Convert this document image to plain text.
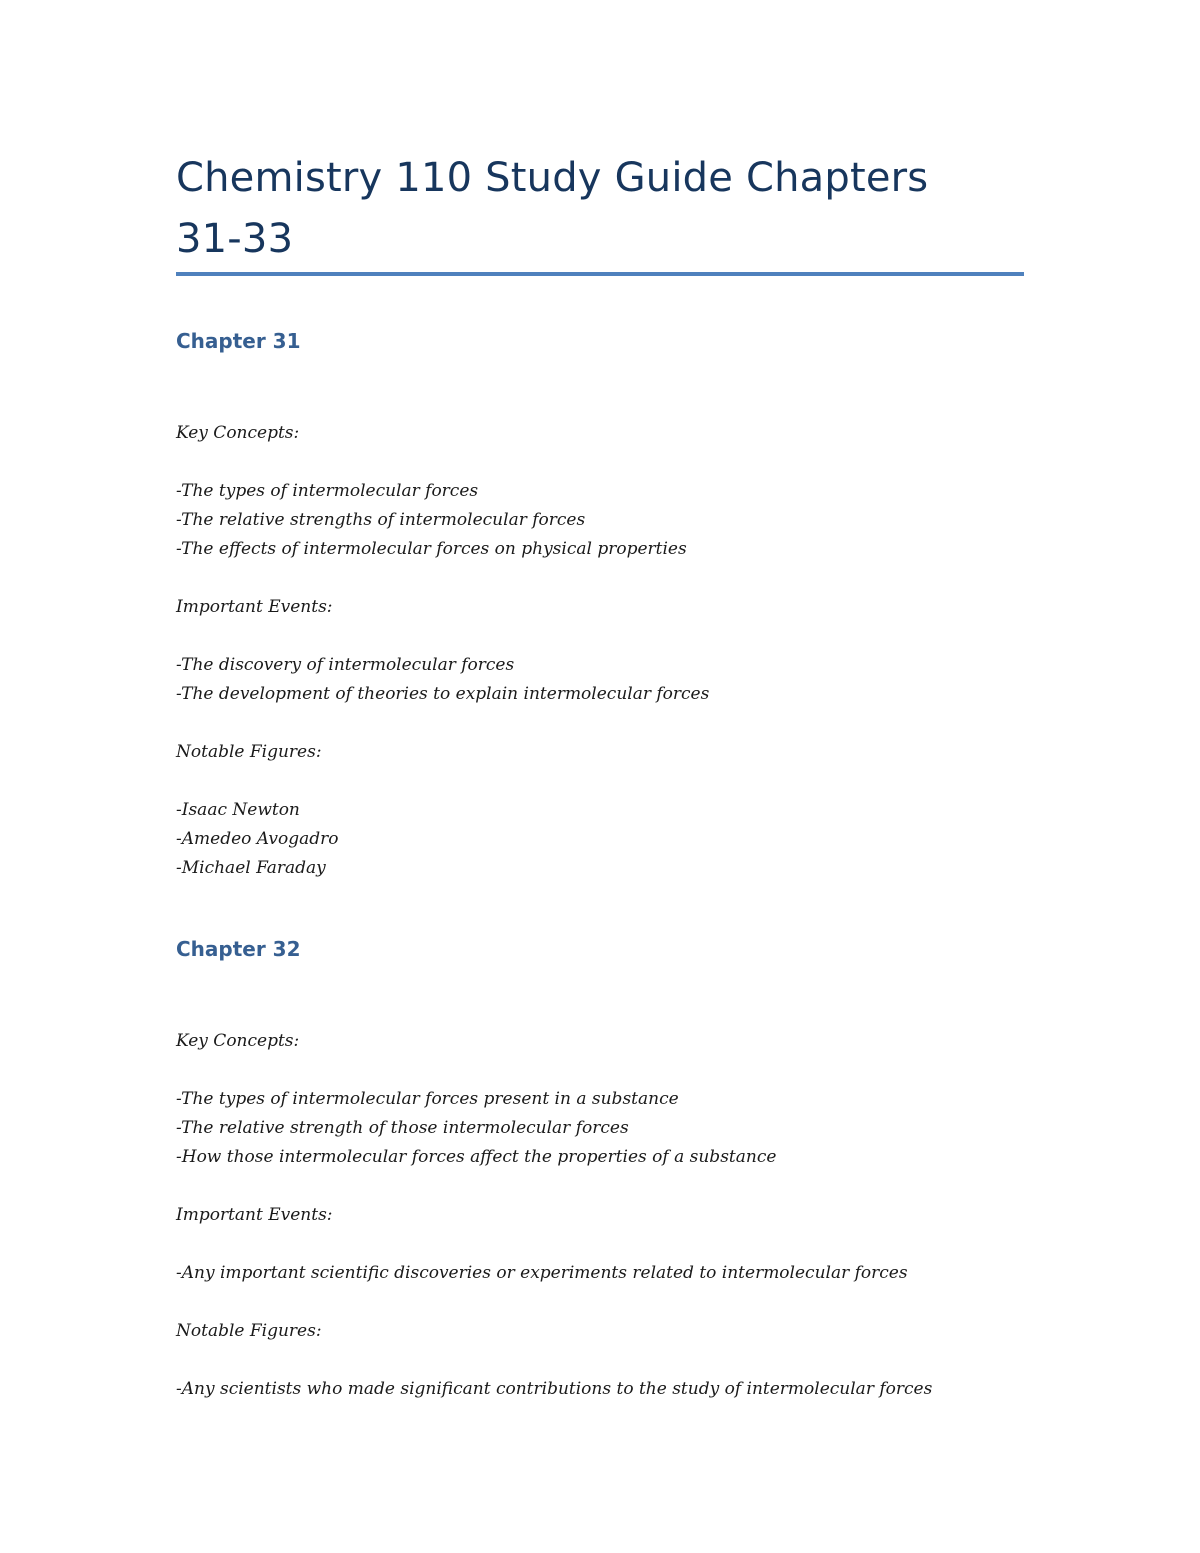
Chemistry 110 Study Guide Chapters
31-33
Chapter 31

Key Concepts:

-The types of intermolecular forces

-The relative strengths of intermolecular forces

-The effects of intermolecular forces on physical properties

Important Events:

-The discovery of intermolecular forces

-The development of theories to explain intermolecular forces

Notable Figures:

-Isaac Newton

-Amedeo Avogadro

-Michael Faraday

Chapter 32

Key Concepts:

-The types of intermolecular forces present in a substance

-The relative strength of those intermolecular forces

-How those intermolecular forces affect the properties of a substance

Important Events:

-Any important scientific discoveries or experiments related to intermolecular forces

Notable Figures:

-Any scientists who made significant contributions to the study of intermolecular forces
